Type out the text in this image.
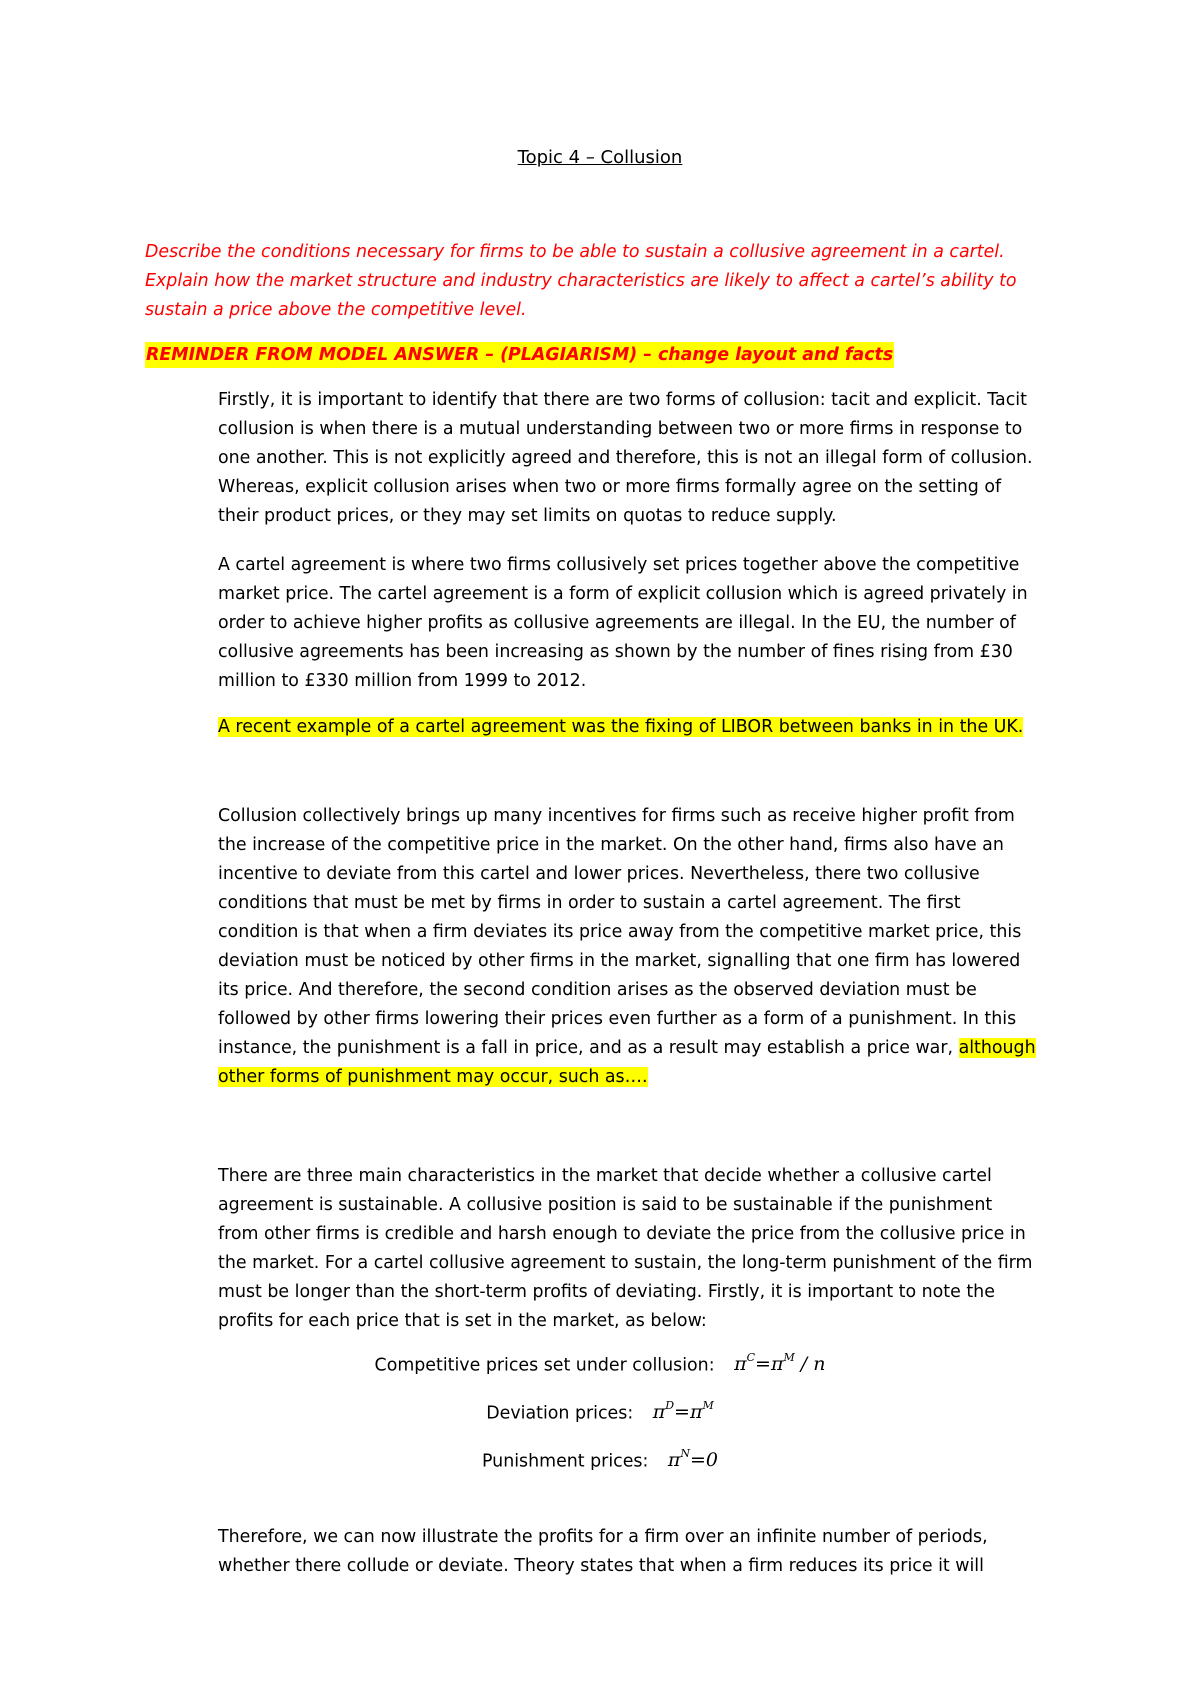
Topic 4 – Collusion
Describe the conditions necessary for firms to be able to sustain a collusive agreement in a cartel.
Explain how the market structure and industry characteristics are likely to affect a cartel’s ability to
sustain a price above the competitive level.
REMINDER FROM MODEL ANSWER – (PLAGIARISM) – change layout and facts
Firstly, it is important to identify that there are two forms of collusion: tacit and explicit. Tacit
collusion is when there is a mutual understanding between two or more firms in response to
one another. This is not explicitly agreed and therefore, this is not an illegal form of collusion.
Whereas, explicit collusion arises when two or more firms formally agree on the setting of
their product prices, or they may set limits on quotas to reduce supply.
A cartel agreement is where two firms collusively set prices together above the competitive
market price. The cartel agreement is a form of explicit collusion which is agreed privately in
order to achieve higher profits as collusive agreements are illegal. In the EU, the number of
collusive agreements has been increasing as shown by the number of fines rising from £30
million to £330 million from 1999 to 2012.
A recent example of a cartel agreement was the fixing of LIBOR between banks in in the UK.
Collusion collectively brings up many incentives for firms such as receive higher profit from
the increase of the competitive price in the market. On the other hand, firms also have an
incentive to deviate from this cartel and lower prices. Nevertheless, there two collusive
conditions that must be met by firms in order to sustain a cartel agreement. The first
condition is that when a firm deviates its price away from the competitive market price, this
deviation must be noticed by other firms in the market, signalling that one firm has lowered
its price. And therefore, the second condition arises as the observed deviation must be
followed by other firms lowering their prices even further as a form of a punishment. In this
instance, the punishment is a fall in price, and as a result may establish a price war, although
other forms of punishment may occur, such as….
There are three main characteristics in the market that decide whether a collusive cartel
agreement is sustainable. A collusive position is said to be sustainable if the punishment
from other firms is credible and harsh enough to deviate the price from the collusive price in
the market. For a cartel collusive agreement to sustain, the long-term punishment of the firm
must be longer than the short-term profits of deviating. Firstly, it is important to note the
profits for each price that is set in the market, as below:
Competitive prices set under collusion: $\pi^C=\pi^M / n$
Deviation prices: $\pi^D=\pi^M$
Punishment prices: $\pi^N=0$
Therefore, we can now illustrate the profits for a firm over an infinite number of periods,
whether there collude or deviate. Theory states that when a firm reduces its price it will
